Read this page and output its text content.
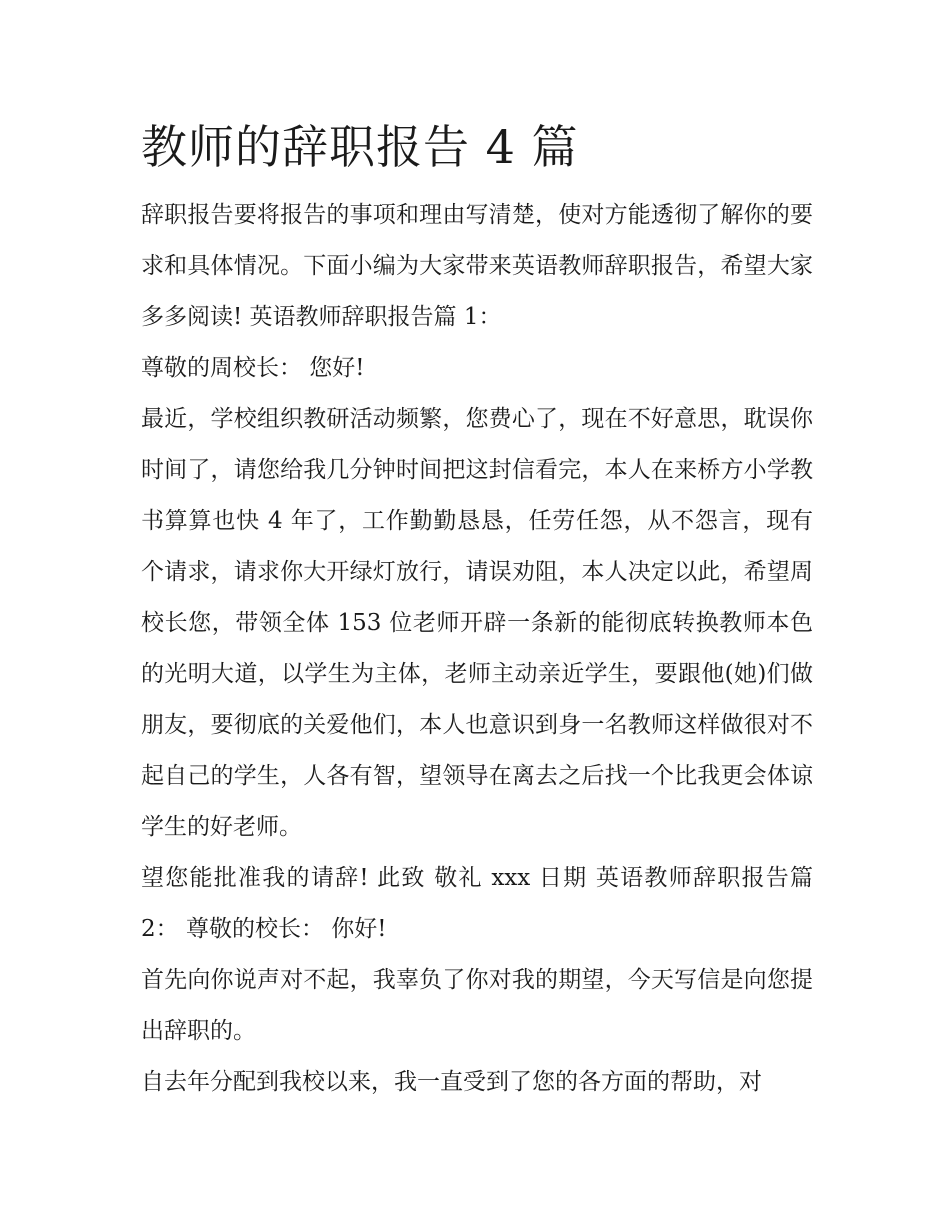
教师的辞职报告 4 篇

辞职报告要将报告的事项和理由写清楚，使对方能透彻了解你的要求和具体情况。下面小编为大家带来英语教师辞职报告，希望大家多多阅读! 英语教师辞职报告篇 1：

尊敬的周校长： 您好!

最近，学校组织教研活动频繁，您费心了，现在不好意思，耽误你时间了，请您给我几分钟时间把这封信看完，本人在来桥方小学教书算算也快 4 年了，工作勤勤恳恳，任劳任怨，从不怨言，现有个请求，请求你大开绿灯放行，请误劝阻，本人决定以此，希望周校长您，带领全体 153 位老师开辟一条新的能彻底转换教师本色的光明大道，以学生为主体，老师主动亲近学生，要跟他(她)们做朋友，要彻底的关爱他们，本人也意识到身一名教师这样做很对不起自己的学生，人各有智，望领导在离去之后找一个比我更会体谅学生的好老师。

望您能批准我的请辞! 此致 敬礼 xxx 日期 英语教师辞职报告篇 2： 尊敬的校长： 你好!

首先向你说声对不起，我辜负了你对我的期望，今天写信是向您提出辞职的。

自去年分配到我校以来，我一直受到了您的各方面的帮助，对
